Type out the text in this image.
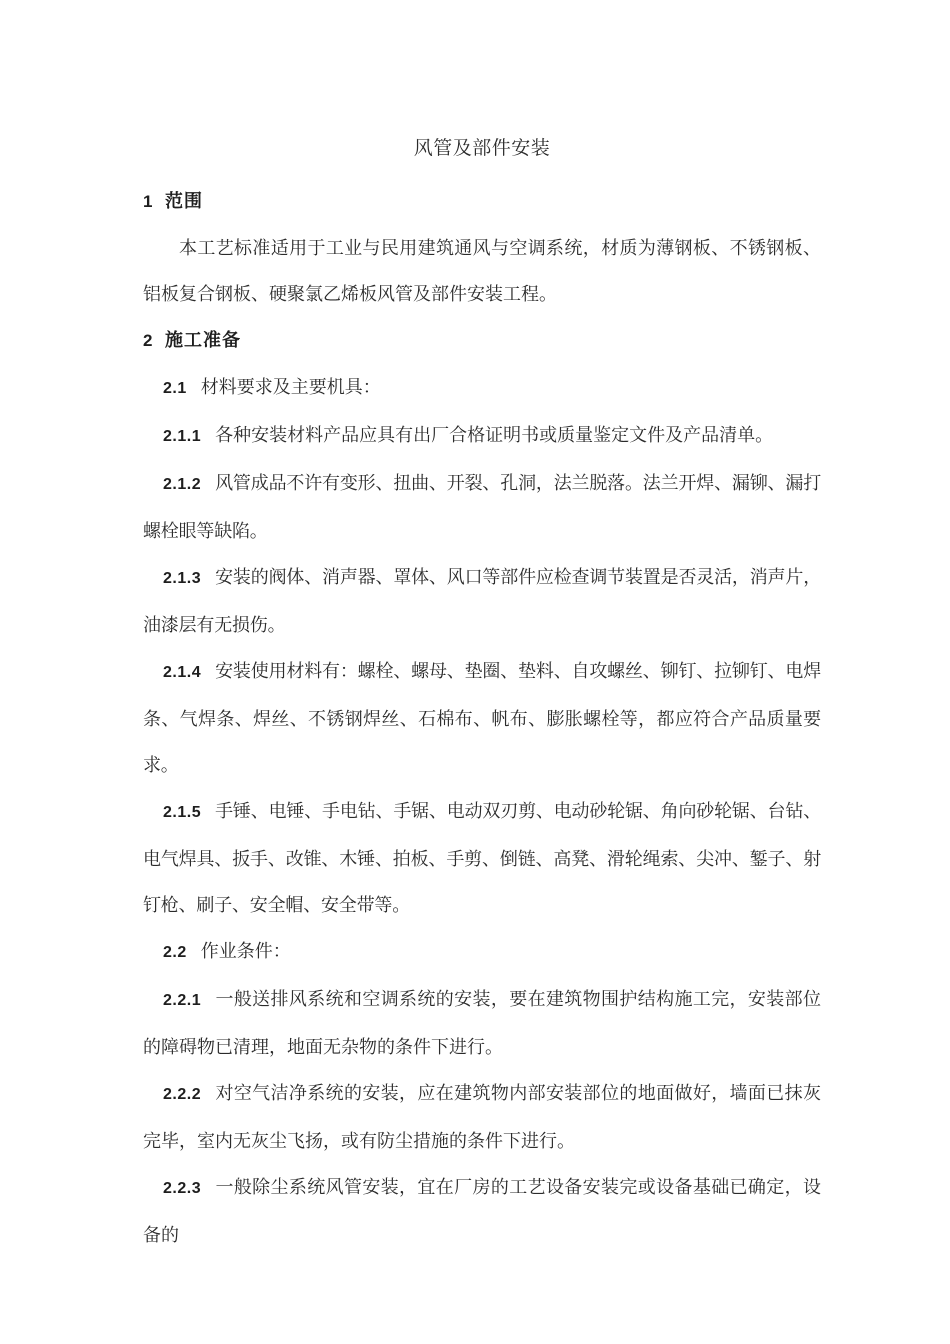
风管及部件安装
1 范围
本工艺标准适用于工业与民用建筑通风与空调系统，材质为薄钢板、不锈钢板、铝板复合钢板、硬聚氯乙烯板风管及部件安装工程。
2 施工准备
2.1 材料要求及主要机具：
2.1.1 各种安装材料产品应具有出厂合格证明书或质量鉴定文件及产品清单。
2.1.2 风管成品不许有变形、扭曲、开裂、孔洞，法兰脱落。法兰开焊、漏铆、漏打螺栓眼等缺陷。
2.1.3 安装的阀体、消声器、罩体、风口等部件应检查调节装置是否灵活，消声片，油漆层有无损伤。
2.1.4 安装使用材料有：螺栓、螺母、垫圈、垫料、自攻螺丝、铆钉、拉铆钉、电焊条、气焊条、焊丝、不锈钢焊丝、石棉布、帆布、膨胀螺栓等，都应符合产品质量要求。
2.1.5 手锤、电锤、手电钻、手锯、电动双刃剪、电动砂轮锯、角向砂轮锯、台钻、电气焊具、扳手、改锥、木锤、拍板、手剪、倒链、高凳、滑轮绳索、尖冲、錾子、射钉枪、刷子、安全帽、安全带等。
2.2 作业条件：
2.2.1 一般送排风系统和空调系统的安装，要在建筑物围护结构施工完，安装部位的障碍物已清理，地面无杂物的条件下进行。
2.2.2 对空气洁净系统的安装，应在建筑物内部安装部位的地面做好，墙面已抹灰完毕，室内无灰尘飞扬，或有防尘措施的条件下进行。
2.2.3 一般除尘系统风管安装，宜在厂房的工艺设备安装完或设备基础已确定，设备的
